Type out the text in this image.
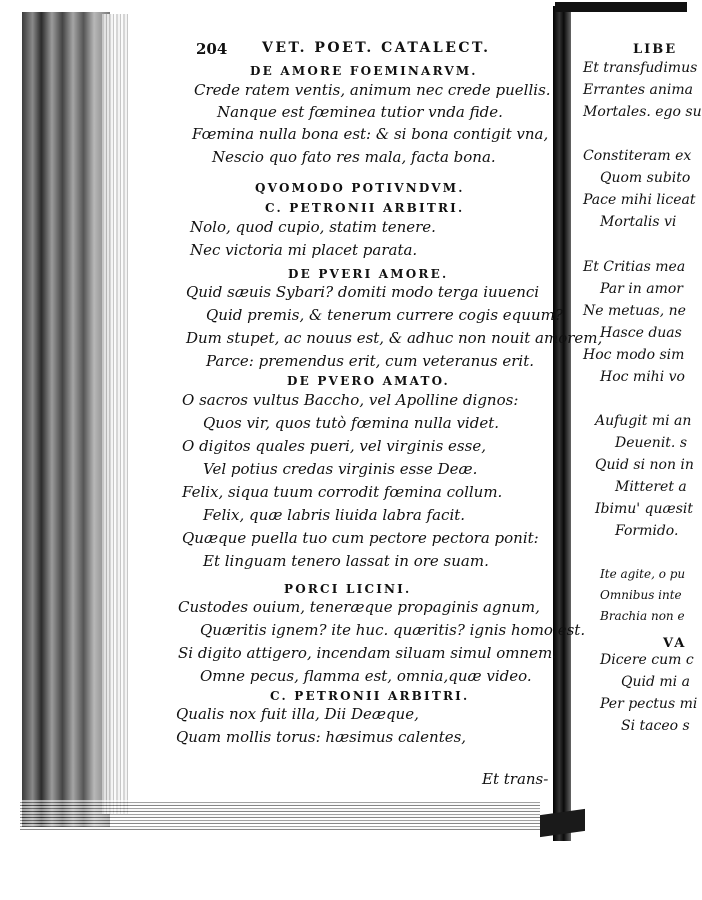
204 VET. POET. CATALECT.
DE AMORE FOEMINARVM.
Crede ratem ventis, animum nec crede puellis.
Nanque est fœminea tutior vnda fide.
Fœmina nulla bona est: & si bona contigit vna,
Nescio quo fato res mala, facta bona.
QVOMODO POTIVNDVM.
C. PETRONII ARBITRI.
Nolo, quod cupio, statim tenere.
Nec victoria mi placet parata.
DE PVERI AMORE.
Quid sæuis Sybari? domiti modo terga iuuenci
Quid premis, & tenerum currere cogis equum?
Dum stupet, ac nouus est, & adhuc non nouit amorem,
Parce: premendus erit, cum veteranus erit.
DE PVERO AMATO.
O sacros vultus Baccho, vel Apolline dignos:
Quos vir, quos tutò fœmina nulla videt.
O digitos quales pueri, vel virginis esse,
Vel potius credas virginis esse Deæ.
Felix, siqua tuum corrodit fœmina collum.
Felix, quæ labris liuida labra facit.
Quæque puella tuo cum pectore pectora ponit:
Et linguam tenero lassat in ore suam.
PORCI LICINI.
Custodes ouium, teneræque propaginis agnum,
Quæritis ignem? ite huc. quæritis? ignis homo est.
Si digito attigero, incendam siluam simul omnem.
Omne pecus, flamma est, omnia,quæ video.
C. PETRONII ARBITRI.
Qualis nox fuit illa, Dii Deæque,
Quam mollis torus: hæsimus calentes,
Et trans-
LIBE
Et transfudimus
Errantes anima
Mortales. ego su
Constiteram ex
Quom subito
Pace mihi liceat
Mortalis vi
Et Critias mea
Par in amor
Ne metuas, ne
Hasce duas
Hoc modo sim
Hoc mihi vo
Aufugit mi an
Deuenit. s
Quid si non in
Mitteret a
Ibimu' quæsit
Formido.
Ite agite, o pu
Omnibus inte
Brachia non e
VA
Dicere cum c
Quid mi a
Per pectus mi
Si taceo s
